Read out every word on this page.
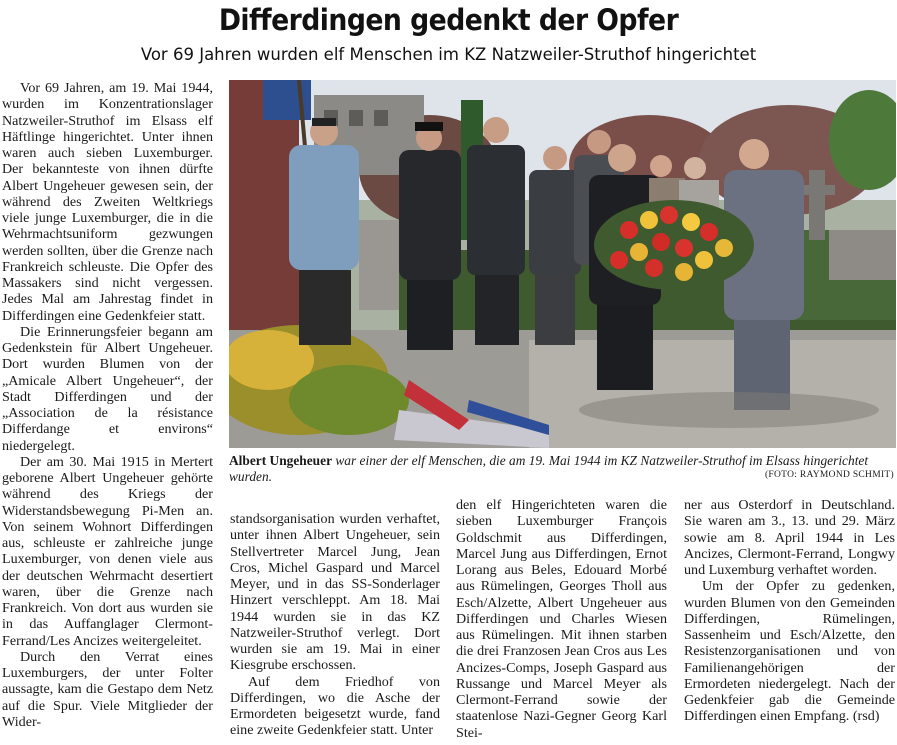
Differdingen gedenkt der Opfer
Vor 69 Jahren wurden elf Menschen im KZ Natzweiler-Struthof hingerichtet

Vor 69 Jahren, am 19. Mai 1944, wurden im Konzentrationslager Natzweiler-Struthof im Elsass elf Häftlinge hingerichtet. Unter ihnen waren auch sieben Luxemburger. Der bekannteste von ihnen dürfte Albert Ungeheuer gewesen sein, der während des Zweiten Weltkriegs viele junge Luxemburger, die in die Wehrmachtsuniform gezwungen werden sollten, über die Grenze nach Frankreich schleuste. Die Opfer des Massakers sind nicht vergessen. Jedes Mal am Jahrestag findet in Differdingen eine Gedenkfeier statt.

Die Erinnerungsfeier begann am Gedenkstein für Albert Ungeheuer. Dort wurden Blumen von der „Amicale Albert Ungeheuer“, der Stadt Differdingen und der „Association de la résistance Differdange et environs“ niedergelegt.

Der am 30. Mai 1915 in Mertert geborene Albert Ungeheuer gehörte während des Kriegs der Widerstandsbewegung Pi-Men an. Von seinem Wohnort Differdingen aus, schleuste er zahlreiche junge Luxemburger, von denen viele aus der deutschen Wehrmacht desertiert waren, über die Grenze nach Frankreich. Von dort aus wurden sie in das Auffanglager Clermont-Ferrand/Les Ancizes weitergeleitet.

Durch den Verrat eines Luxemburgers, der unter Folter aussagte, kam die Gestapo dem Netz auf die Spur. Viele Mitglieder der Wider-

Albert Ungeheuer war einer der elf Menschen, die am 19. Mai 1944 im KZ Natzweiler-Struthof im Elsass hingerichtet wurden.	(FOTO: RAYMOND SCHMIT)

standsorganisation wurden verhaftet, unter ihnen Albert Ungeheuer, sein Stellvertreter Marcel Jung, Jean Cros, Michel Gaspard und Marcel Meyer, und in das SS-Sonderlager Hinzert verschleppt. Am 18. Mai 1944 wurden sie in das KZ Natzweiler-Struthof verlegt. Dort wurden sie am 19. Mai in einer Kiesgrube erschossen.

Auf dem Friedhof von Differdingen, wo die Asche der Ermordeten beigesetzt wurde, fand eine zweite Gedenkfeier statt. Unter

den elf Hingerichteten waren die sieben Luxemburger François Goldschmit aus Differdingen, Marcel Jung aus Differdingen, Ernot Lorang aus Beles, Edouard Morbé aus Rümelingen, Georges Tholl aus Esch/Alzette, Albert Ungeheuer aus Differdingen und Charles Wiesen aus Rümelingen. Mit ihnen starben die drei Franzosen Jean Cros aus Les Ancizes-Comps, Joseph Gaspard aus Russange und Marcel Meyer als Clermont-Ferrand sowie der staatenlose Nazi-Gegner Georg Karl Stei-

ner aus Osterdorf in Deutschland. Sie waren am 3., 13. und 29. März sowie am 8. April 1944 in Les Ancizes, Clermont-Ferrand, Longwy und Luxemburg verhaftet worden.

Um der Opfer zu gedenken, wurden Blumen von den Gemeinden Differdingen, Rümelingen, Sassenheim und Esch/Alzette, den Resistenzorganisationen und von Familienangehörigen der Ermordeten niedergelegt. Nach der Gedenkfeier gab die Gemeinde Differdingen einen Empfang. (rsd)
